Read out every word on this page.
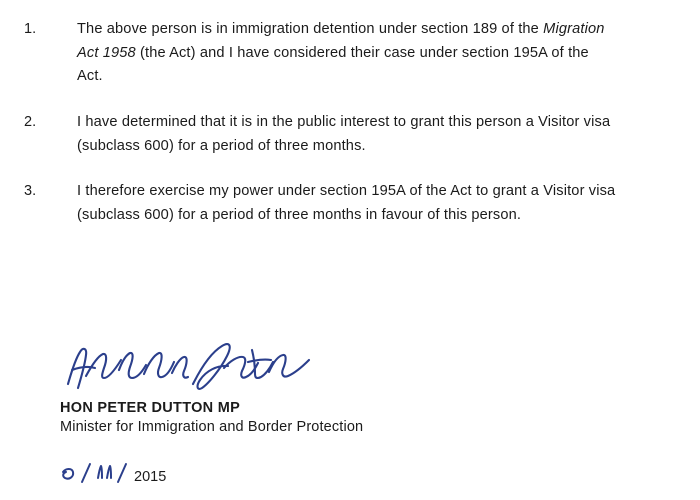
1.	The above person is in immigration detention under section 189 of the Migration Act 1958 (the Act) and I have considered their case under section 195A of the Act.
2.	I have determined that it is in the public interest to grant this person a Visitor visa (subclass 600) for a period of three months.
3.	I therefore exercise my power under section 195A of the Act to grant a Visitor visa (subclass 600) for a period of three months in favour of this person.
HON PETER DUTTON MP
Minister for Immigration and Border Protection
2015
